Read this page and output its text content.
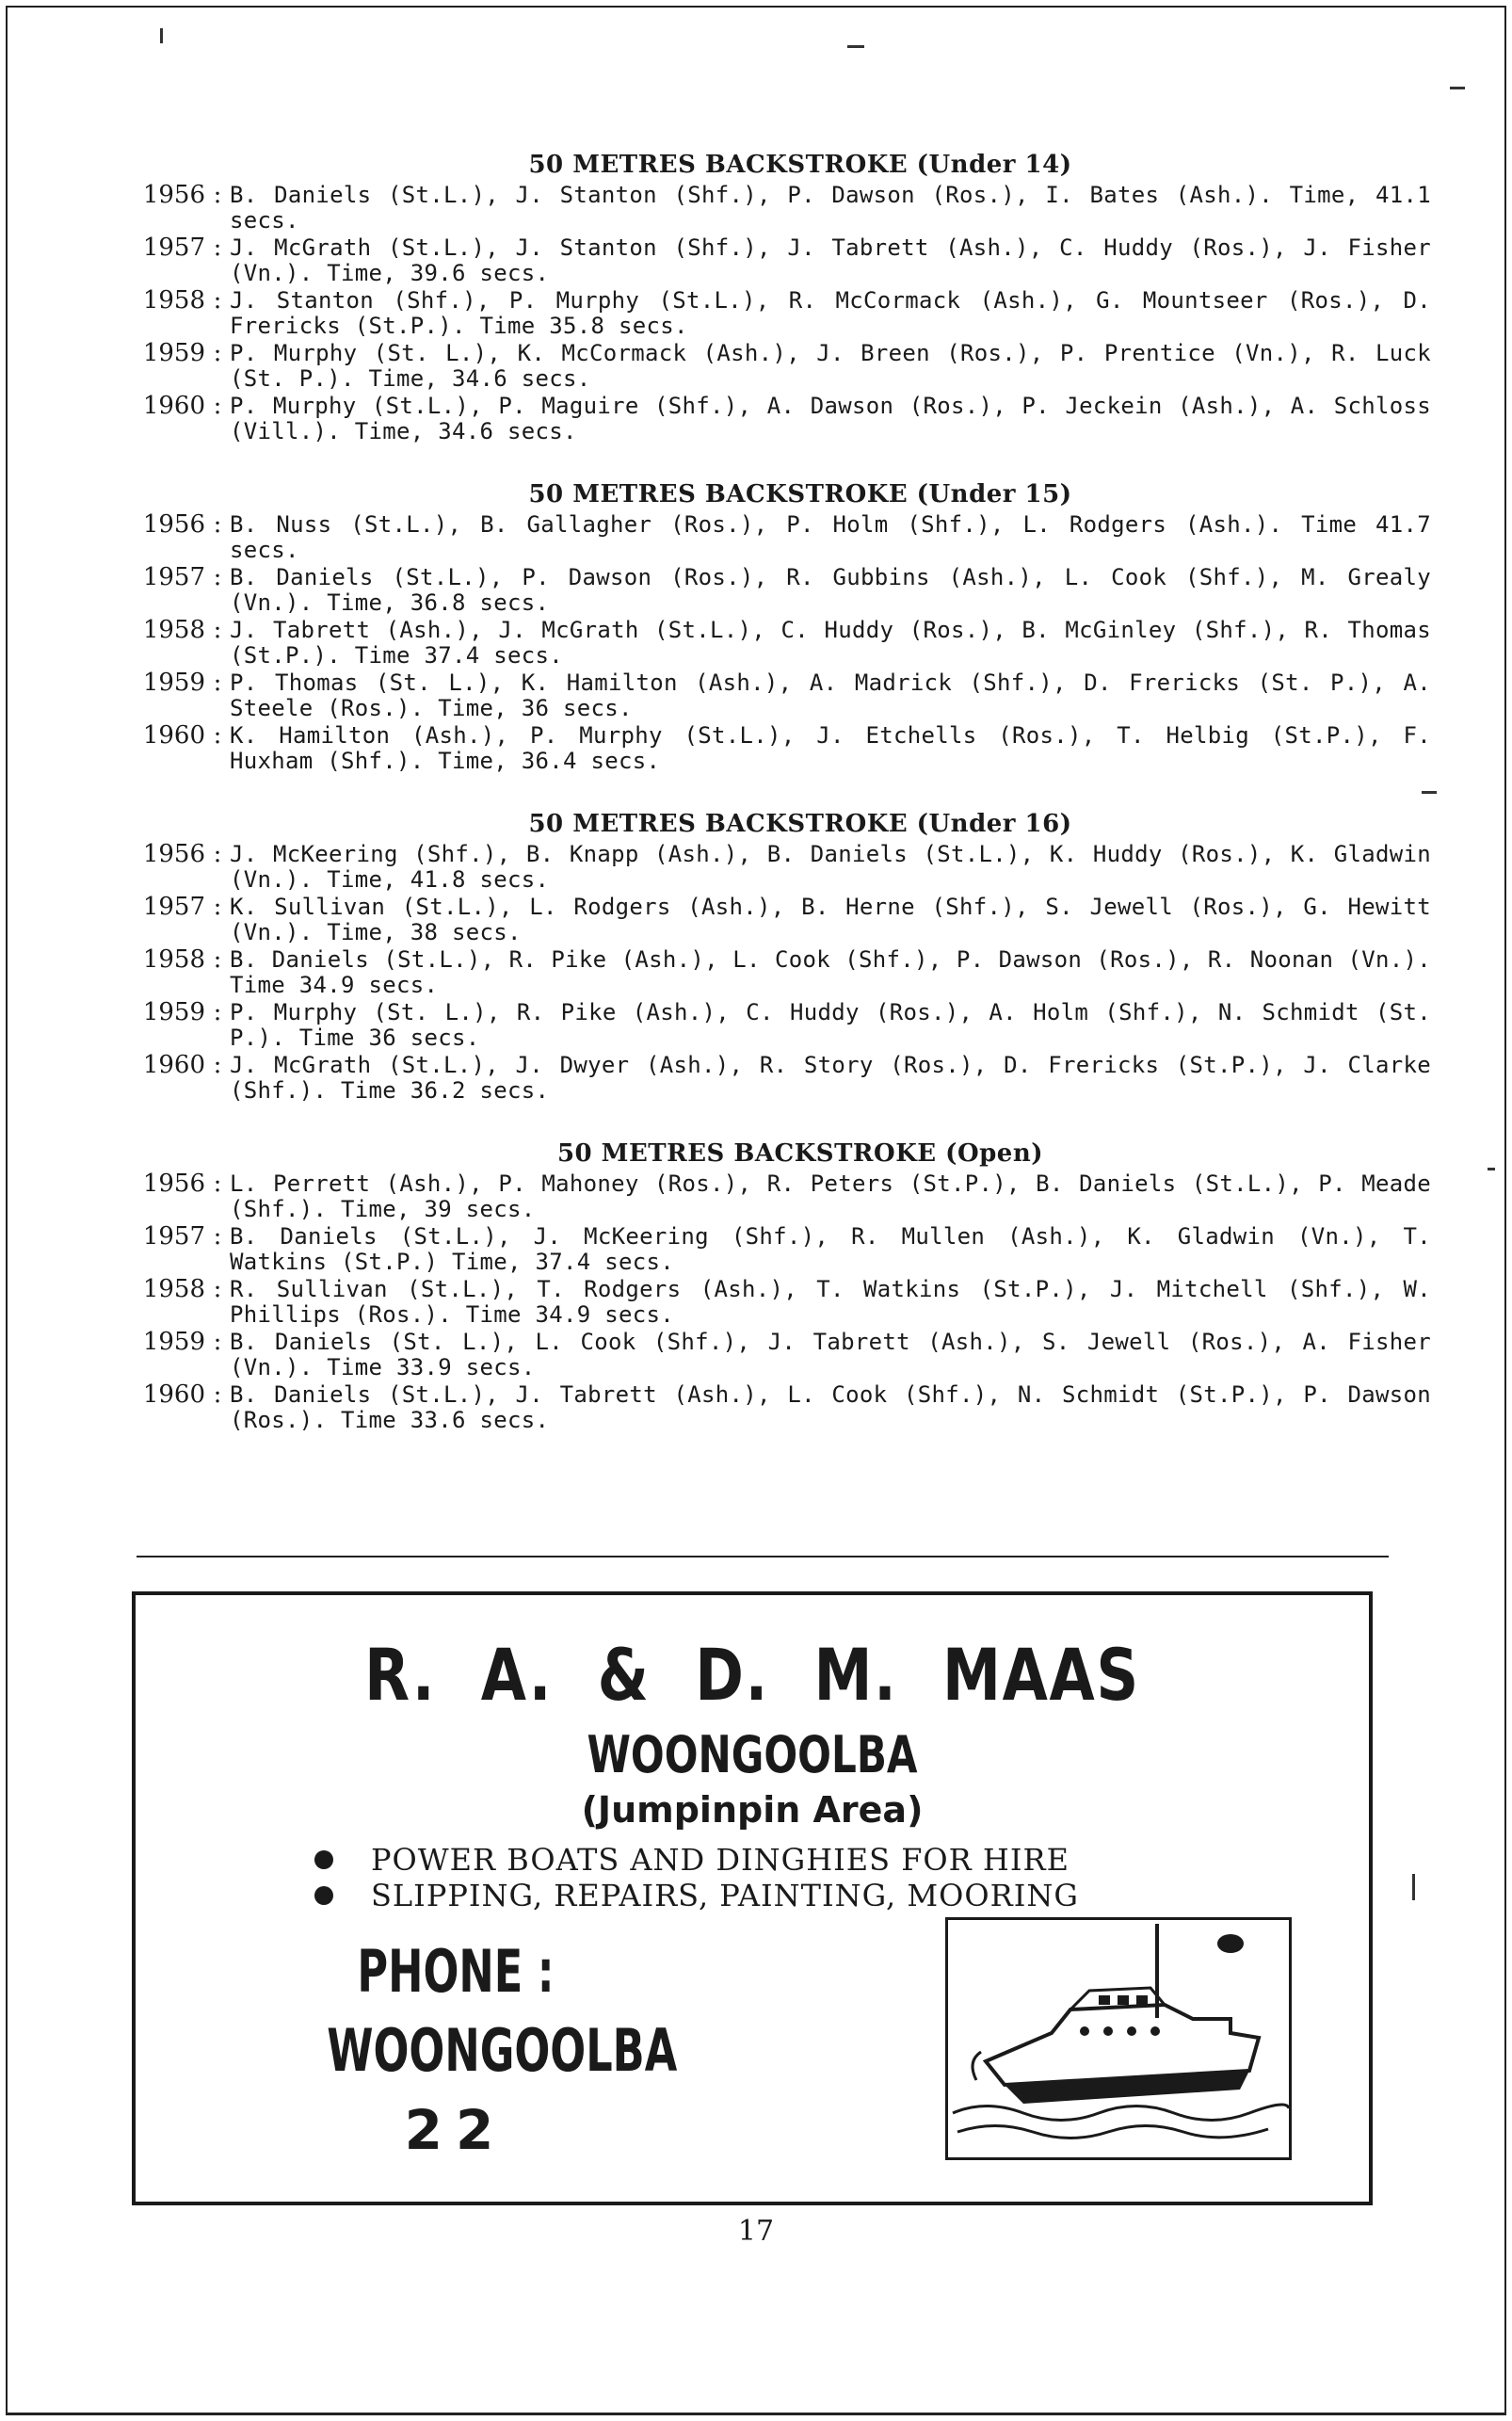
50 METRES BACKSTROKE (Under 14)
1956 : B. Daniels (St.L.), J. Stanton (Shf.), P. Dawson (Ros.), I. Bates (Ash.). Time, 41.1 secs.
1957 : J. McGrath (St.L.), J. Stanton (Shf.), J. Tabrett (Ash.), C. Huddy (Ros.), J. Fisher (Vn.). Time, 39.6 secs.
1958 : J. Stanton (Shf.), P. Murphy (St.L.), R. McCormack (Ash.), G. Mountseer (Ros.), D. Frericks (St.P.). Time 35.8 secs.
1959 : P. Murphy (St. L.), K. McCormack (Ash.), J. Breen (Ros.), P. Prentice (Vn.), R. Luck (St. P.). Time, 34.6 secs.
1960 : P. Murphy (St.L.), P. Maguire (Shf.), A. Dawson (Ros.), P. Jeckein (Ash.), A. Schloss (Vill.). Time, 34.6 secs.
50 METRES BACKSTROKE (Under 15)
1956 : B. Nuss (St.L.), B. Gallagher (Ros.), P. Holm (Shf.), L. Rodgers (Ash.). Time 41.7 secs.
1957 : B. Daniels (St.L.), P. Dawson (Ros.), R. Gubbins (Ash.), L. Cook (Shf.), M. Grealy (Vn.). Time, 36.8 secs.
1958 : J. Tabrett (Ash.), J. McGrath (St.L.), C. Huddy (Ros.), B. McGinley (Shf.), R. Thomas (St.P.). Time 37.4 secs.
1959 : P. Thomas (St. L.), K. Hamilton (Ash.), A. Madrick (Shf.), D. Frericks (St. P.), A. Steele (Ros.). Time, 36 secs.
1960 : K. Hamilton (Ash.), P. Murphy (St.L.), J. Etchells (Ros.), T. Helbig (St.P.), F. Huxham (Shf.). Time, 36.4 secs.
50 METRES BACKSTROKE (Under 16)
1956 : J. McKeering (Shf.), B. Knapp (Ash.), B. Daniels (St.L.), K. Huddy (Ros.), K. Gladwin (Vn.). Time, 41.8 secs.
1957 : K. Sullivan (St.L.), L. Rodgers (Ash.), B. Herne (Shf.), S. Jewell (Ros.), G. Hewitt (Vn.). Time, 38 secs.
1958 : B. Daniels (St.L.), R. Pike (Ash.), L. Cook (Shf.), P. Dawson (Ros.), R. Noonan (Vn.). Time 34.9 secs.
1959 : P. Murphy (St. L.), R. Pike (Ash.), C. Huddy (Ros.), A. Holm (Shf.), N. Schmidt (St. P.). Time 36 secs.
1960 : J. McGrath (St.L.), J. Dwyer (Ash.), R. Story (Ros.), D. Frericks (St.P.), J. Clarke (Shf.). Time 36.2 secs.
50 METRES BACKSTROKE (Open)
1956 : L. Perrett (Ash.), P. Mahoney (Ros.), R. Peters (St.P.), B. Daniels (St.L.), P. Meade (Shf.). Time, 39 secs.
1957 : B. Daniels (St.L.), J. McKeering (Shf.), R. Mullen (Ash.), K. Gladwin (Vn.), T. Watkins (St.P.) Time, 37.4 secs.
1958 : R. Sullivan (St.L.), T. Rodgers (Ash.), T. Watkins (St.P.), J. Mitchell (Shf.), W. Phillips (Ros.). Time 34.9 secs.
1959 : B. Daniels (St. L.), L. Cook (Shf.), J. Tabrett (Ash.), S. Jewell (Ros.), A. Fisher (Vn.). Time 33.9 secs.
1960 : B. Daniels (St.L.), J. Tabrett (Ash.), L. Cook (Shf.), N. Schmidt (St.P.), P. Dawson (Ros.). Time 33.6 secs.
R. A. & D. M. MAAS
WOONGOOLBA
(Jumpinpin Area)
POWER BOATS AND DINGHIES FOR HIRE
SLIPPING, REPAIRS, PAINTING, MOORING
PHONE :
WOONGOOLBA
22
17
